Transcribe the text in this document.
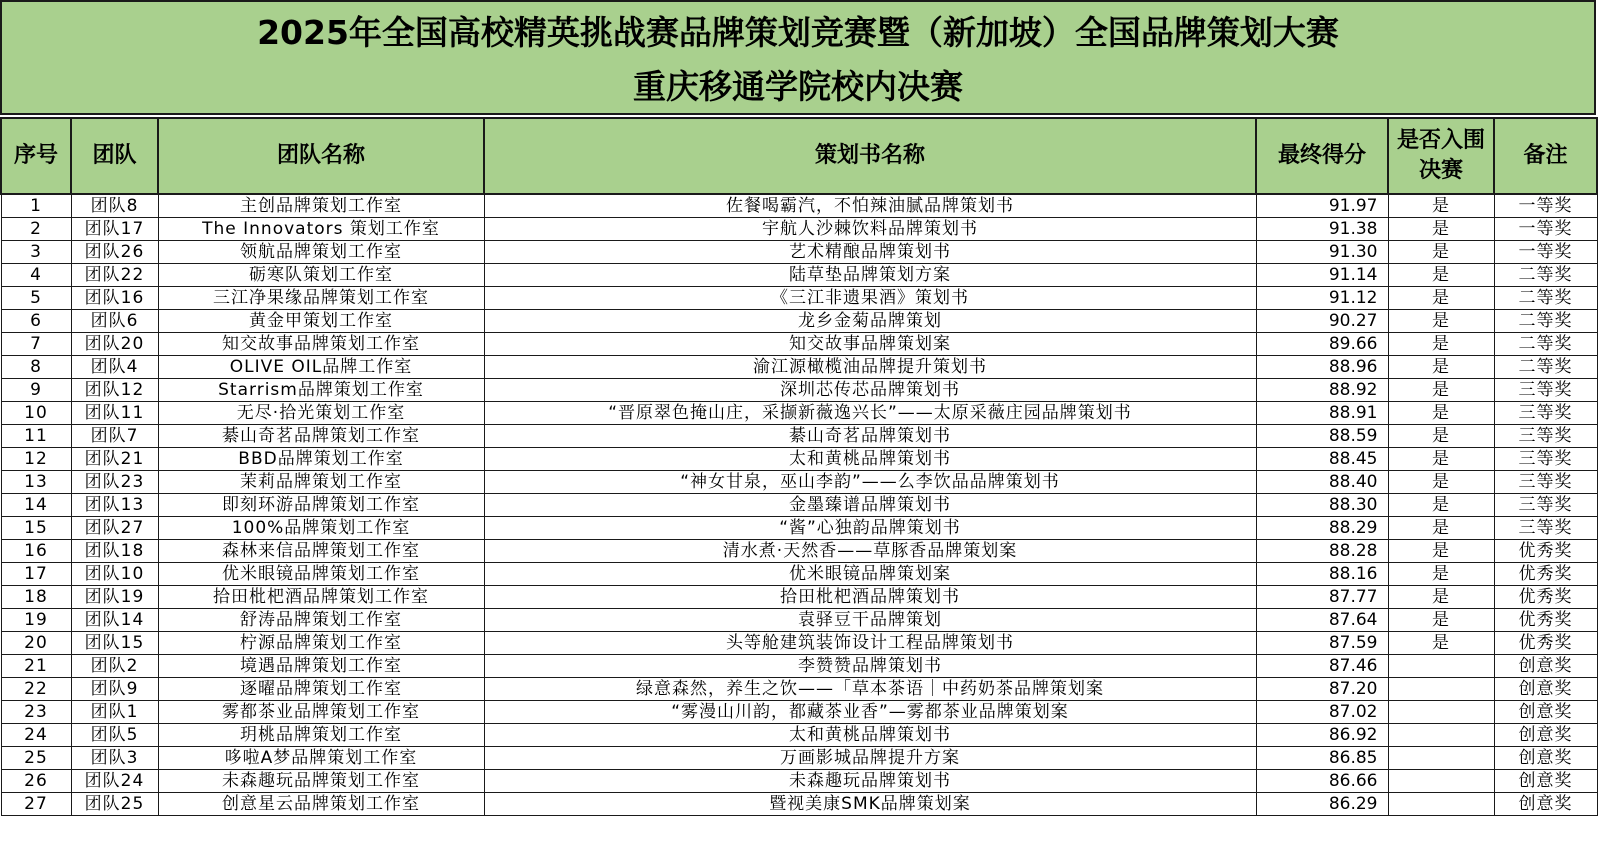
2025年全国高校精英挑战赛品牌策划竞赛暨（新加坡）全国品牌策划大赛
重庆移通学院校内决赛
序号	团队	团队名称	策划书名称	最终得分	是否入围决赛	备注
1	团队8	主创品牌策划工作室	佐餐喝霸汽，不怕辣油腻品牌策划书	91.97	是	一等奖
2	团队17	The Innovators 策划工作室	宇航人沙棘饮料品牌策划书	91.38	是	一等奖
3	团队26	领航品牌策划工作室	艺术精酿品牌策划书	91.30	是	一等奖
4	团队22	砺寒队策划工作室	陆草垫品牌策划方案	91.14	是	二等奖
5	团队16	三江净果缘品牌策划工作室	《三江非遗果酒》策划书	91.12	是	二等奖
6	团队6	黄金甲策划工作室	龙乡金菊品牌策划	90.27	是	二等奖
7	团队20	知交故事品牌策划工作室	知交故事品牌策划案	89.66	是	二等奖
8	团队4	OLIVE OIL品牌工作室	渝江源橄榄油品牌提升策划书	88.96	是	二等奖
9	团队12	Starrism品牌策划工作室	深圳芯传芯品牌策划书	88.92	是	三等奖
10	团队11	无尽·拾光策划工作室	“晋原翠色掩山庄，采撷新薇逸兴长”——太原采薇庄园品牌策划书	88.91	是	三等奖
11	团队7	綦山奇茗品牌策划工作室	綦山奇茗品牌策划书	88.59	是	三等奖
12	团队21	BBD品牌策划工作室	太和黄桃品牌策划书	88.45	是	三等奖
13	团队23	茉莉品牌策划工作室	“神女甘泉，巫山李韵”——么李饮品品牌策划书	88.40	是	三等奖
14	团队13	即刻环游品牌策划工作室	金墨臻谱品牌策划书	88.30	是	三等奖
15	团队27	100%品牌策划工作室	“酱”心独韵品牌策划书	88.29	是	三等奖
16	团队18	森林来信品牌策划工作室	清水煮·天然香——草豚香品牌策划案	88.28	是	优秀奖
17	团队10	优米眼镜品牌策划工作室	优米眼镜品牌策划案	88.16	是	优秀奖
18	团队19	拾田枇杷酒品牌策划工作室	拾田枇杷酒品牌策划书	87.77	是	优秀奖
19	团队14	舒涛品牌策划工作室	袁驿豆干品牌策划	87.64	是	优秀奖
20	团队15	柠源品牌策划工作室	头等舱建筑装饰设计工程品牌策划书	87.59	是	优秀奖
21	团队2	境遇品牌策划工作室	李赞赞品牌策划书	87.46		创意奖
22	团队9	逐曜品牌策划工作室	绿意森然，养生之饮——「草本茶语｜中药奶茶品牌策划案	87.20		创意奖
23	团队1	雾都茶业品牌策划工作室	“雾漫山川韵，都藏茶业香”—雾都茶业品牌策划案	87.02		创意奖
24	团队5	玥桃品牌策划工作室	太和黄桃品牌策划书	86.92		创意奖
25	团队3	哆啦A梦品牌策划工作室	万画影城品牌提升方案	86.85		创意奖
26	团队24	未森趣玩品牌策划工作室	未森趣玩品牌策划书	86.66		创意奖
27	团队25	创意星云品牌策划工作室	暨视美康SMK品牌策划案	86.29		创意奖
